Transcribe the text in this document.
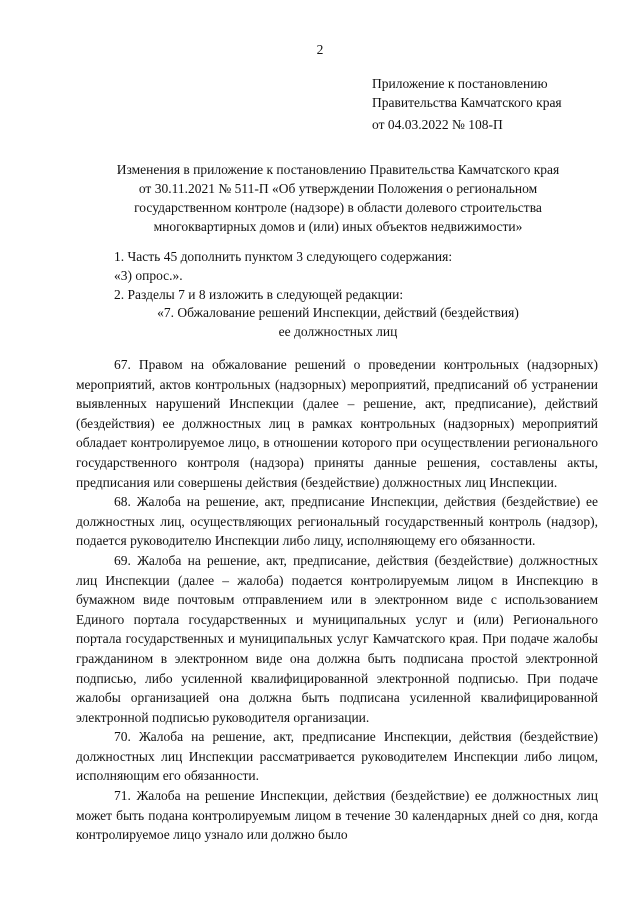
2
Приложение к постановлению
Правительства Камчатского края
от 04.03.2022 № 108-П
Изменения в приложение к постановлению Правительства Камчатского края
от 30.11.2021 № 511-П «Об утверждении Положения о региональном
государственном контроле (надзоре) в области долевого строительства
многоквартирных домов и (или) иных объектов недвижимости»
1. Часть 45 дополнить пунктом 3 следующего содержания:
«3) опрос.».
2. Разделы 7 и 8 изложить в следующей редакции:
«7. Обжалование решений Инспекции, действий (бездействия)
ее должностных лиц

67. Правом на обжалование решений о проведении контрольных (надзорных) мероприятий, актов контрольных (надзорных) мероприятий, предписаний об устранении выявленных нарушений Инспекции (далее – решение, акт, предписание), действий (бездействия) ее должностных лиц в рамках контрольных (надзорных) мероприятий обладает контролируемое лицо, в отношении которого при осуществлении регионального государственного контроля (надзора) приняты данные решения, составлены акты, предписания или совершены действия (бездействие) должностных лиц Инспекции.

68. Жалоба на решение, акт, предписание Инспекции, действия (бездействие) ее должностных лиц, осуществляющих региональный государственный контроль (надзор), подается руководителю Инспекции либо лицу, исполняющему его обязанности.

69. Жалоба на решение, акт, предписание, действия (бездействие) должностных лиц Инспекции (далее – жалоба) подается контролируемым лицом в Инспекцию в бумажном виде почтовым отправлением или в электронном виде с использованием Единого портала государственных и муниципальных услуг и (или) Регионального портала государственных и муниципальных услуг Камчатского края. При подаче жалобы гражданином в электронном виде она должна быть подписана простой электронной подписью, либо усиленной квалифицированной электронной подписью. При подаче жалобы организацией она должна быть подписана усиленной квалифицированной электронной подписью руководителя организации.

70. Жалоба на решение, акт, предписание Инспекции, действия (бездействие) должностных лиц Инспекции рассматривается руководителем Инспекции либо лицом, исполняющим его обязанности.

71. Жалоба на решение Инспекции, действия (бездействие) ее должностных лиц может быть подана контролируемым лицом в течение 30 календарных дней со дня, когда контролируемое лицо узнало или должно было
